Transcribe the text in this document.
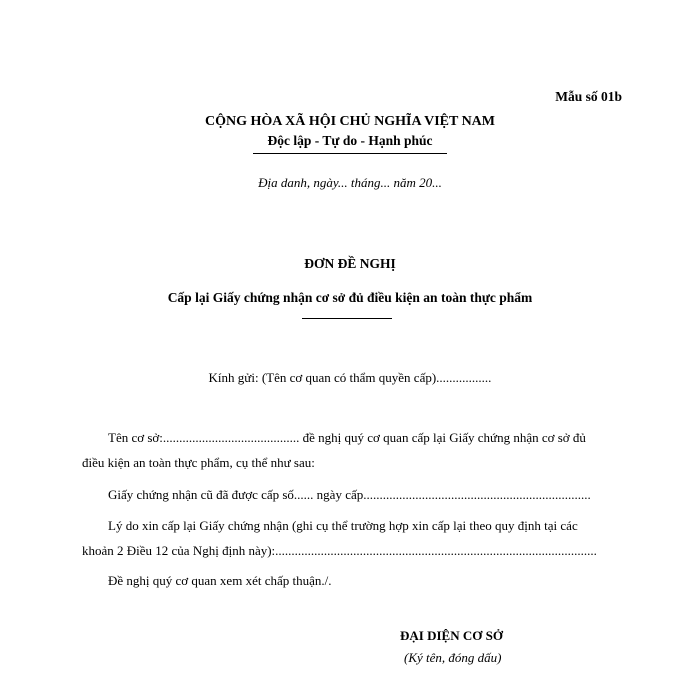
Mẫu số 01b
CỘNG HÒA XÃ HỘI CHỦ NGHĨA VIỆT NAM
Độc lập - Tự do - Hạnh phúc
Địa danh, ngày... tháng... năm 20...
ĐƠN ĐỀ NGHỊ
Cấp lại Giấy chứng nhận cơ sở đủ điều kiện an toàn thực phẩm
Kính gửi: (Tên cơ quan có thẩm quyền cấp).................
Tên cơ sở:.......................................... đề nghị quý cơ quan cấp lại Giấy chứng nhận cơ sở đủ
điều kiện an toàn thực phẩm, cụ thể như sau:
Giấy chứng nhận cũ đã được cấp số...... ngày cấp......................................................................
Lý do xin cấp lại Giấy chứng nhận (ghi cụ thể trường hợp xin cấp lại theo quy định tại các
khoản 2 Điều 12 của Nghị định này):...................................................................................................
Đề nghị quý cơ quan xem xét chấp thuận./.
ĐẠI DIỆN CƠ SỞ
(Ký tên, đóng dấu)
